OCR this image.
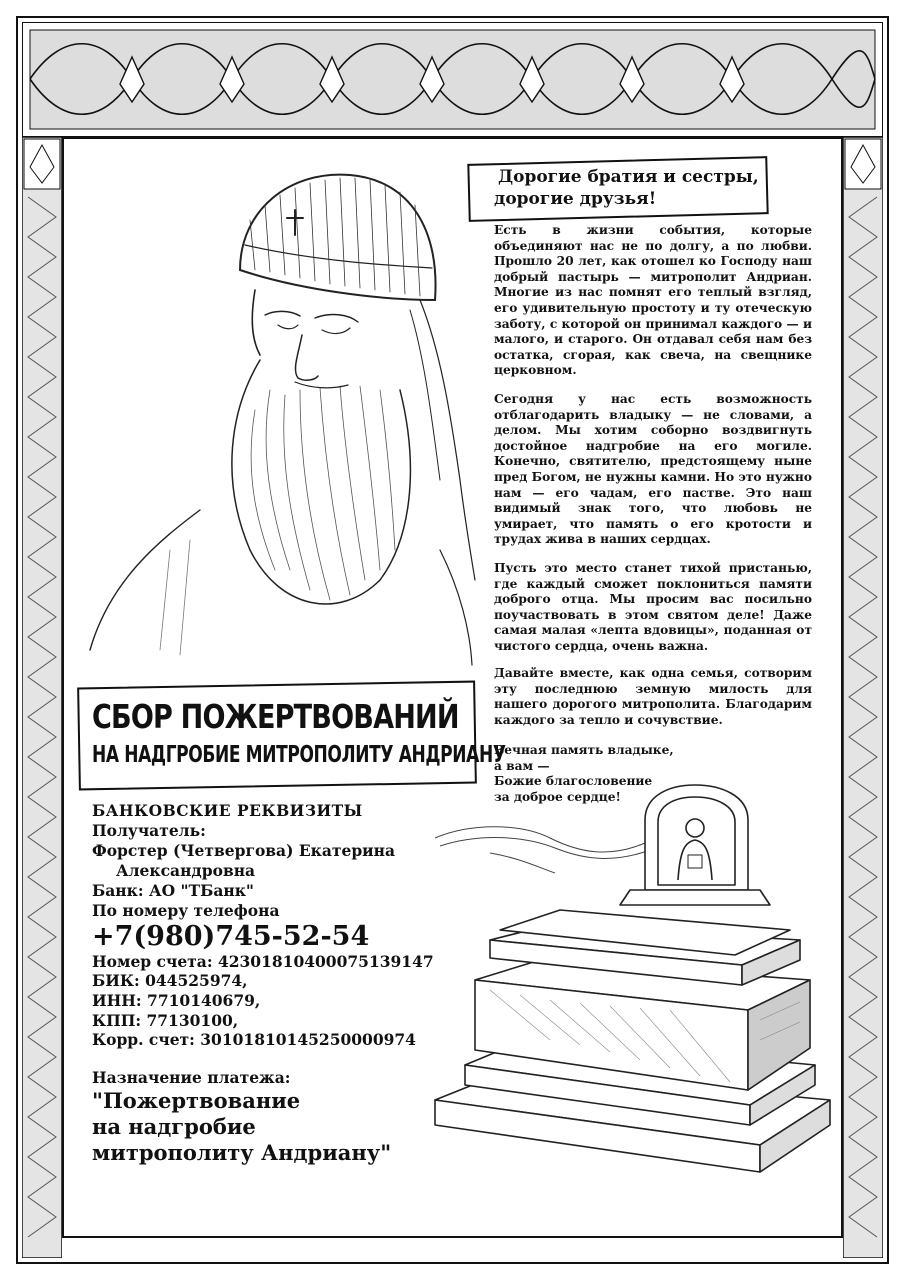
Дорогие братия и сестры,
дорогие друзья!
Есть в жизни события, которые объединяют нас не по долгу, а по любви. Прошло 20 лет, как отошел ко Господу наш добрый пастырь — митрополит Андриан. Многие из нас помнят его теплый взгляд, его удивительную простоту и ту отеческую заботу, с которой он принимал каждого — и малого, и старого. Он отдавал себя нам без остатка, сгорая, как свеча, на свещнике церковном.
Сегодня у нас есть возможность отблагодарить владыку — не словами, а делом. Мы хотим соборно воздвигнуть достойное надгробие на его могиле. Конечно, святителю, предстоящему ныне пред Богом, не нужны камни. Но это нужно нам — его чадам, его пастве. Это наш видимый знак того, что любовь не умирает, что память о его кротости и трудах жива в наших сердцах.
Пусть это место станет тихой пристанью, где каждый сможет поклониться памяти доброго отца. Мы просим вас посильно поучаствовать в этом святом деле! Даже самая малая «лепта вдовицы», поданная от чистого сердца, очень важна.
Давайте вместе, как одна семья, сотворим эту последнюю земную милость для нашего дорогого митрополита. Благодарим каждого за тепло и сочувствие.
Вечная память владыке,
а вам —
Божие благословение
за доброе сердце!
СБОР ПОЖЕРТВОВАНИЙ
НА НАДГРОБИЕ МИТРОПОЛИТУ АНДРИАНУ
БАНКОВСКИЕ РЕКВИЗИТЫ
Получатель:
Форстер (Четвергова) Екатерина
Александровна
Банк: АО "ТБанк"
По номеру телефона
+7(980)745-52-54
Номер счета: 42301810400075139147
БИК: 044525974,
ИНН: 7710140679,
КПП: 77130100,
Корр. счет: 30101810145250000974
Назначение платежа:
"Пожертвование
на надгробие
митрополиту Андриану"
